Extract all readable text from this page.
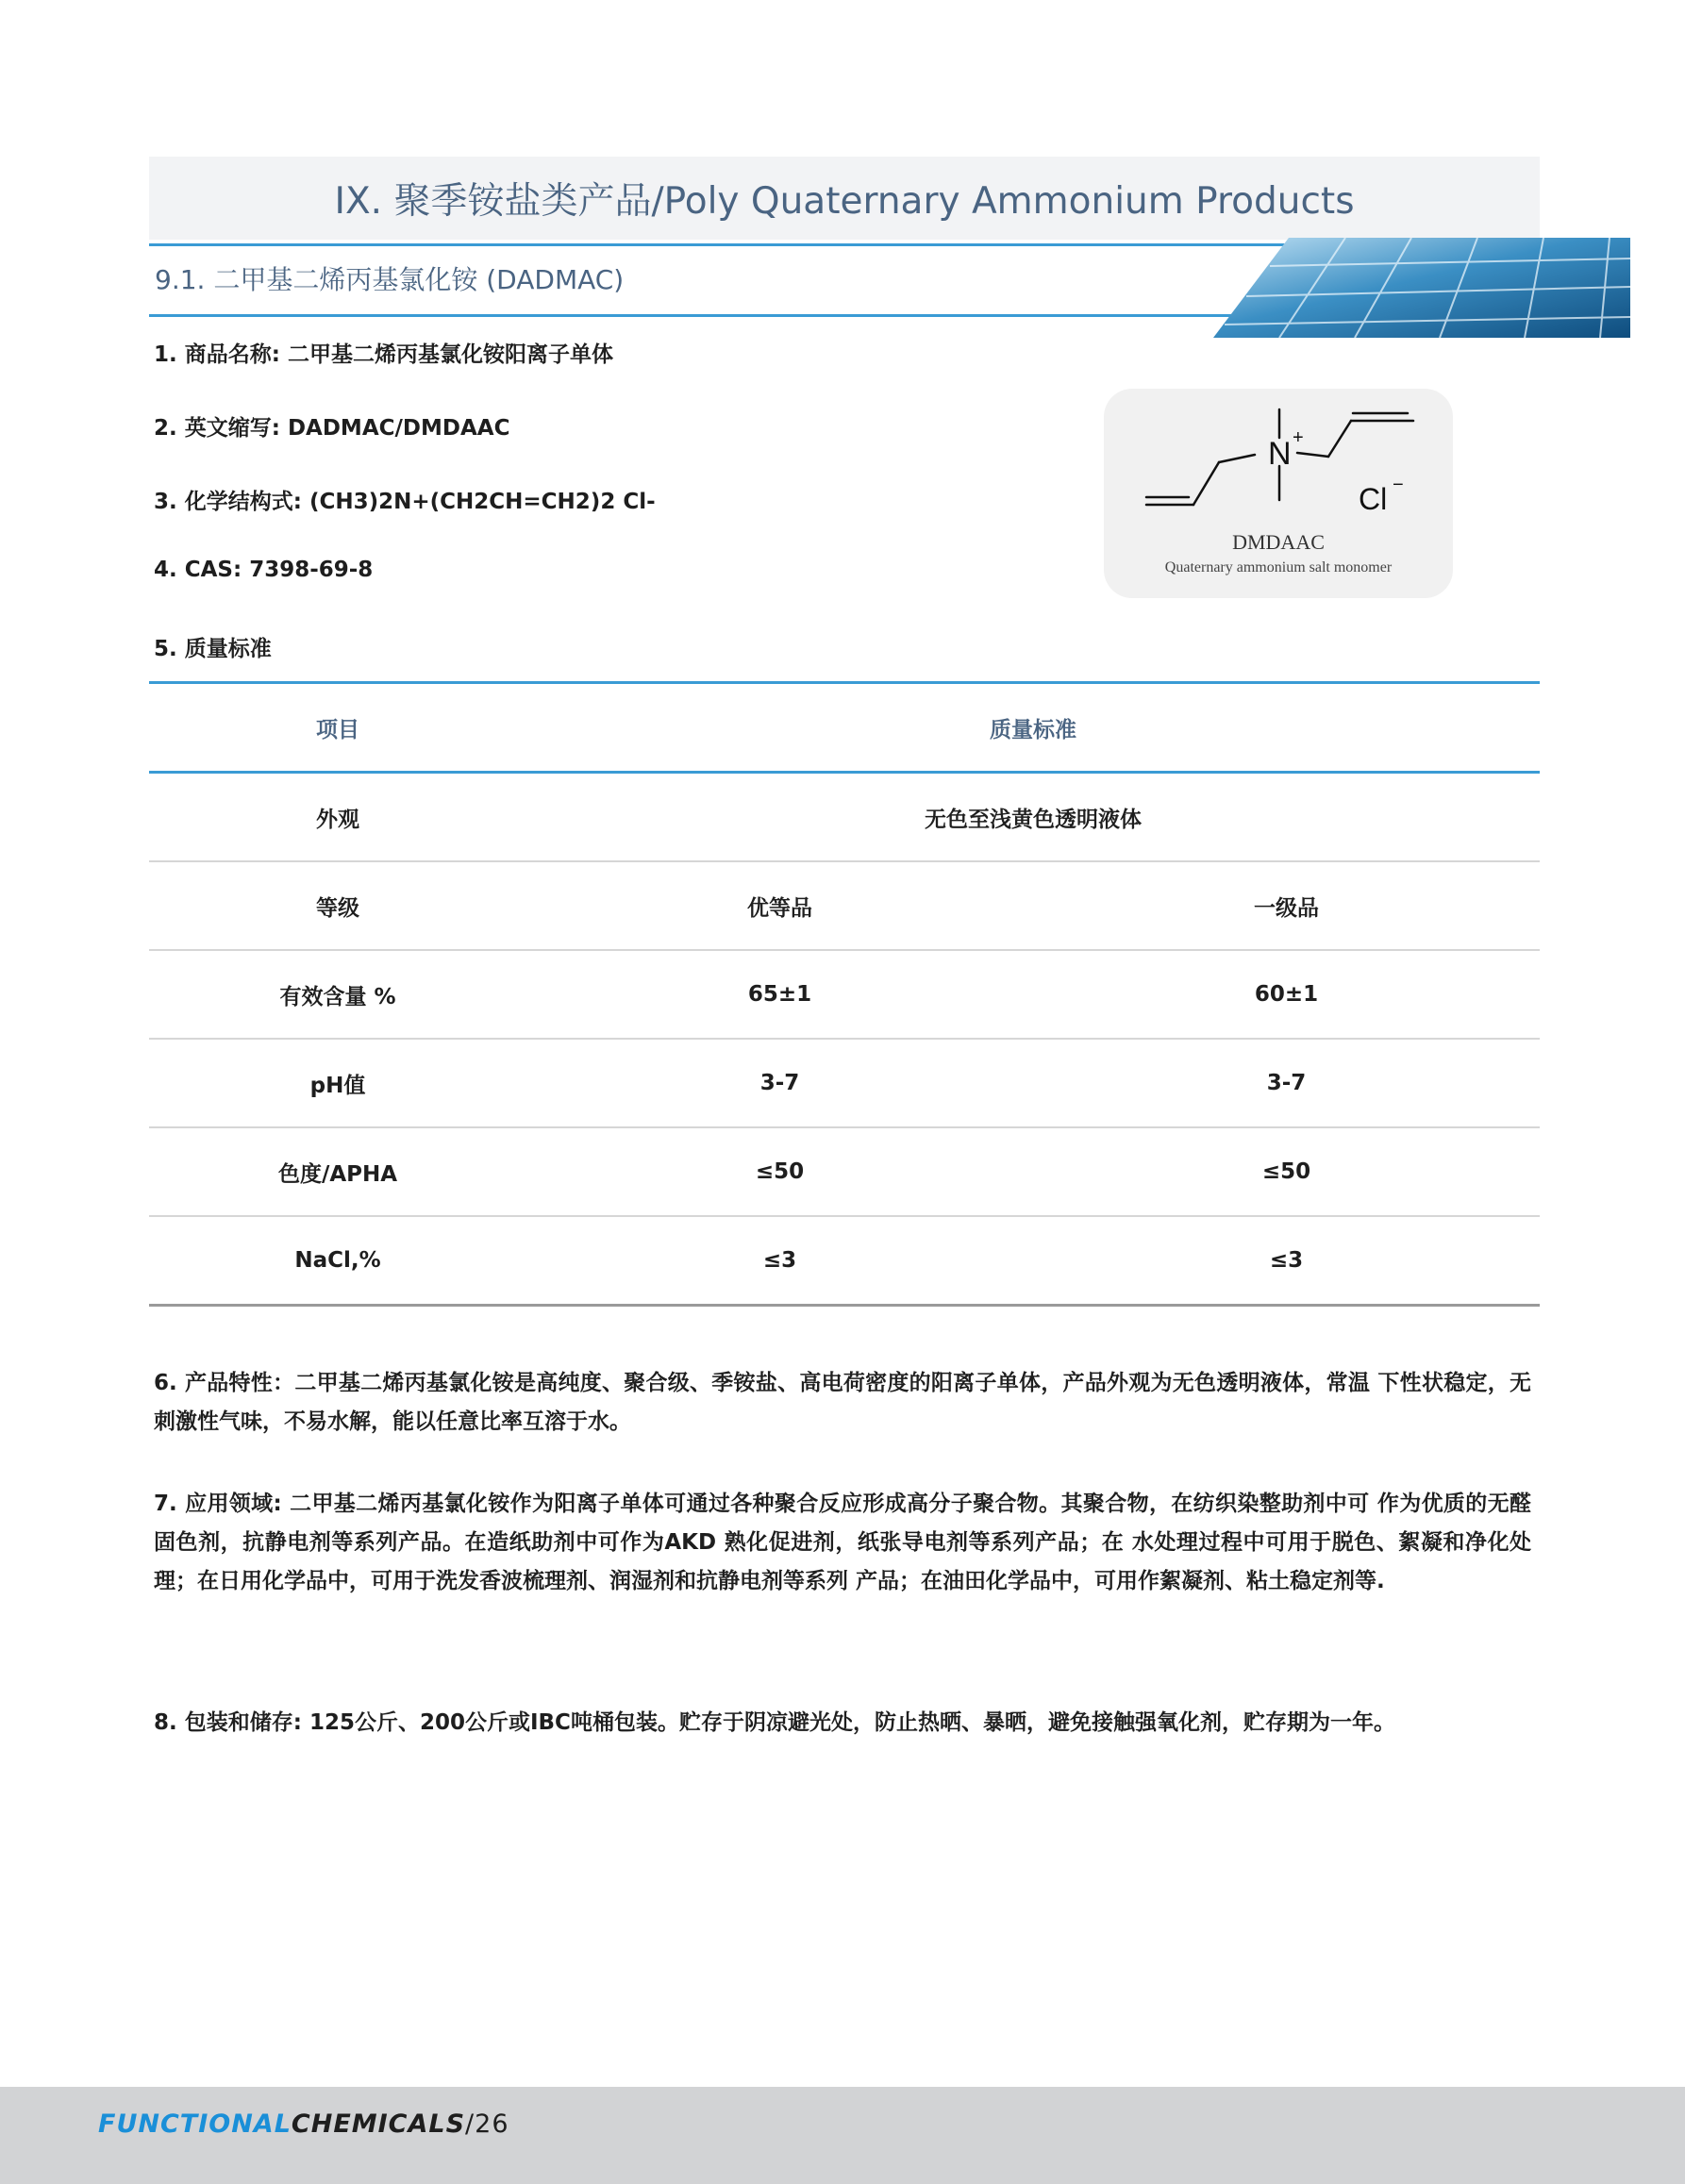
IX. 聚季铵盐类产品/Poly Quaternary Ammonium Products
9.1. 二甲基二烯丙基氯化铵 (DADMAC)
1. 商品名称: 二甲基二烯丙基氯化铵阳离子单体
2. 英文缩写: DADMAC/DMDAAC
3. 化学结构式: (CH3)2N+(CH2CH=CH2)2 Cl-
4. CAS: 7398-69-8
5. 质量标准
N +
Cl −
DMDAAC
Quaternary ammonium salt monomer
项目	质量标准	
外观	无色至浅黄色透明液体	
等级	优等品	一级品
有效含量 %	65±1	60±1
pH值	3-7	3-7
色度/APHA	≤50	≤50
NaCl,%	≤3	≤3
6. 产品特性：二甲基二烯丙基氯化铵是高纯度、聚合级、季铵盐、高电荷密度的阳离子单体，产品外观为无色透明液体，常温 下性状稳定，无刺激性气味，不易水解，能以任意比率互溶于水。
7. 应用领域: 二甲基二烯丙基氯化铵作为阳离子单体可通过各种聚合反应形成高分子聚合物。其聚合物，在纺织染整助剂中可 作为优质的无醛固色剂，抗静电剂等系列产品。在造纸助剂中可作为AKD 熟化促进剂，纸张导电剂等系列产品；在 水处理过程中可用于脱色、絮凝和净化处理；在日用化学品中，可用于洗发香波梳理剂、润湿剂和抗静电剂等系列 产品；在油田化学品中，可用作絮凝剂、粘土稳定剂等.
8. 包装和储存: 125公斤、200公斤或IBC吨桶包装。贮存于阴凉避光处，防止热晒、暴晒，避免接触强氧化剂，贮存期为一年。
FUNCTIONALCHEMICALS/26
